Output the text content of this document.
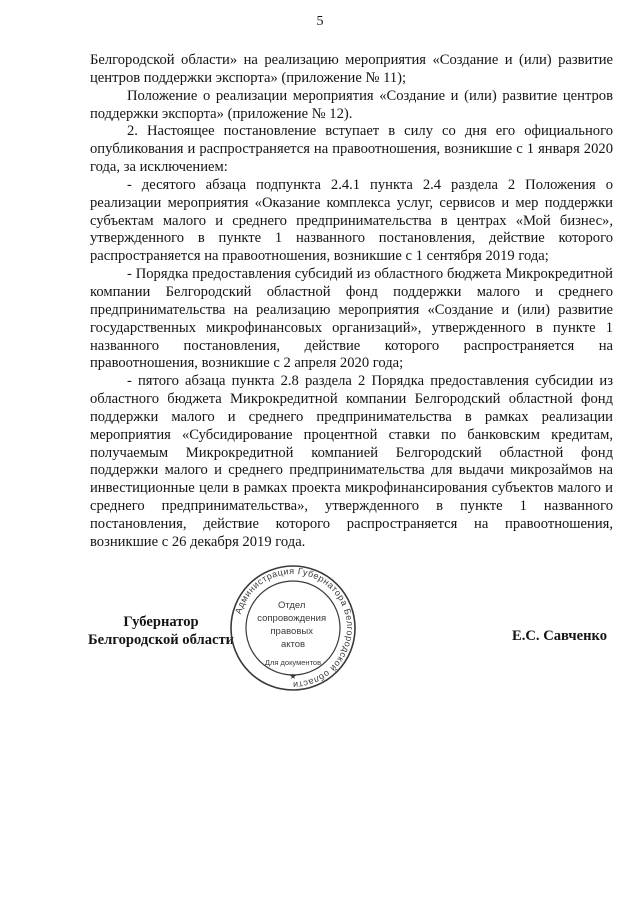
5

Белгородской области» на реализацию мероприятия «Создание и (или) развитие центров поддержки экспорта» (приложение № 11);

Положение о реализации мероприятия «Создание и (или) развитие центров поддержки экспорта» (приложение № 12).

2. Настоящее постановление вступает в силу со дня его официального опубликования и распространяется на правоотношения, возникшие с 1 января 2020 года, за исключением:

- десятого абзаца подпункта 2.4.1 пункта 2.4 раздела 2 Положения о реализации мероприятия «Оказание комплекса услуг, сервисов и мер поддержки субъектам малого и среднего предпринимательства в центрах «Мой бизнес», утвержденного в пункте 1 названного постановления, действие которого распространяется на правоотношения, возникшие с 1 сентября 2019 года;

- Порядка предоставления субсидий из областного бюджета Микрокредитной компании Белгородский областной фонд поддержки малого и среднего предпринимательства на реализацию мероприятия «Создание и (или) развитие государственных микрофинансовых организаций», утвержденного в пункте 1 названного постановления, действие которого распространяется на правоотношения, возникшие с 2 апреля 2020 года;

- пятого абзаца пункта 2.8 раздела 2 Порядка предоставления субсидии из областного бюджета Микрокредитной компании Белгородский областной фонд поддержки малого и среднего предпринимательства в рамках реализации мероприятия «Субсидирование процентной ставки по банковским кредитам, получаемым Микрокредитной компанией Белгородский областной фонд поддержки малого и среднего предпринимательства для выдачи микрозаймов на инвестиционные цели в рамках проекта микрофинансирования субъектов малого и среднего предпринимательства», утвержденного в пункте 1 названного постановления, действие которого распространяется на правоотношения, возникшие с 26 декабря 2019 года.

Губернатор
Белгородской области
Администрация Губернатора Белгородской области
Отдел сопровождения правовых актов
Для документов
★
Е.С. Савченко
